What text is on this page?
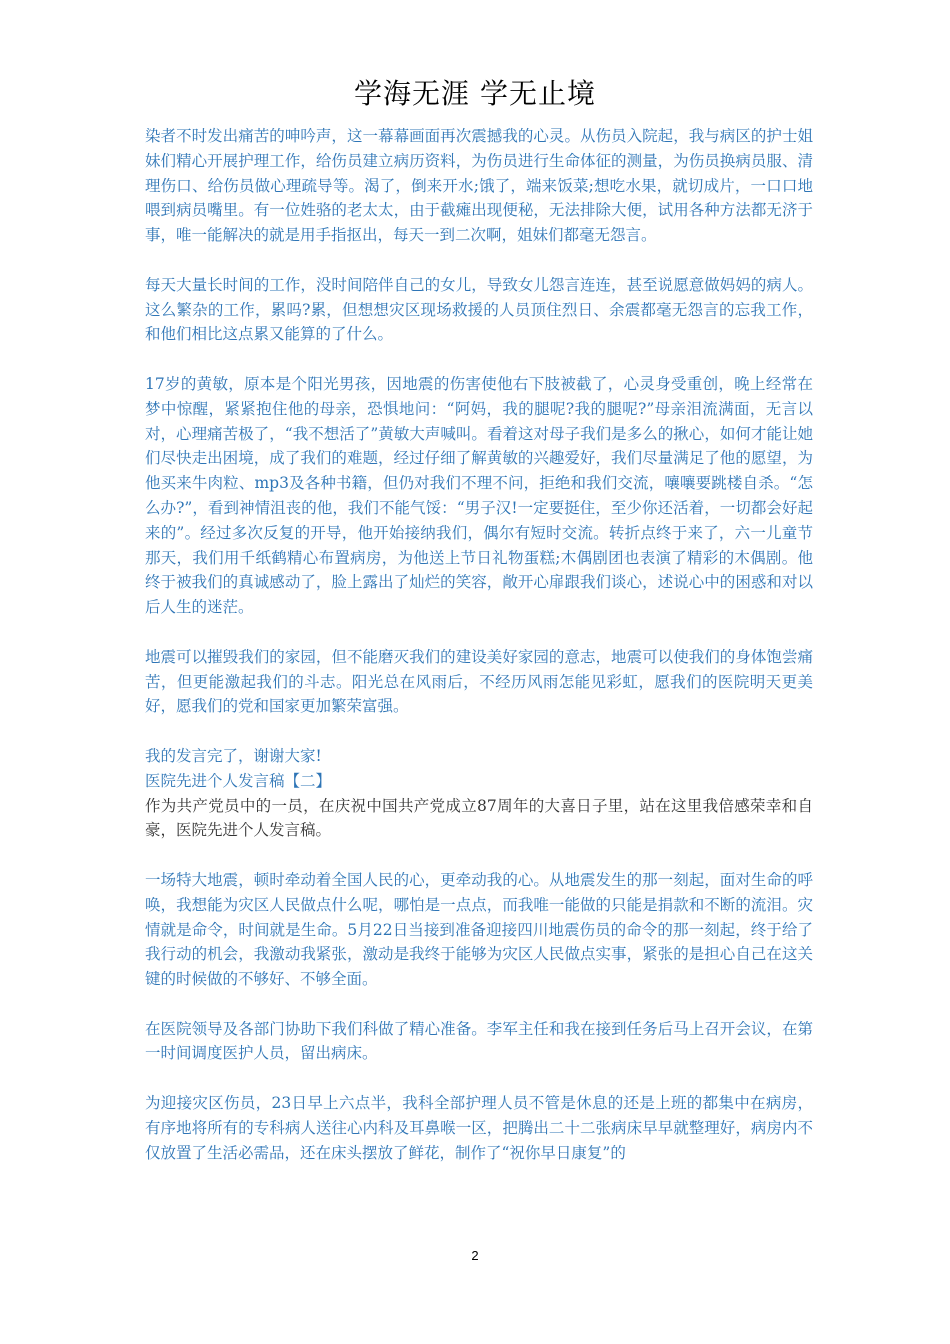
学海无涯 学无止境

染者不时发出痛苦的呻吟声，这一幕幕画面再次震撼我的心灵。从伤员入院起，我与病区的护士姐妹们精心开展护理工作，给伤员建立病历资料，为伤员进行生命体征的测量，为伤员换病员服、清理伤口、给伤员做心理疏导等。渴了，倒来开水;饿了，端来饭菜;想吃水果，就切成片，一口口地喂到病员嘴里。有一位姓骆的老太太，由于截瘫出现便秘，无法排除大便，试用各种方法都无济于事，唯一能解决的就是用手指抠出，每天一到二次啊，姐妹们都毫无怨言。

每天大量长时间的工作，没时间陪伴自己的女儿，导致女儿怨言连连，甚至说愿意做妈妈的病人。这么繁杂的工作，累吗?累，但想想灾区现场救援的人员顶住烈日、余震都毫无怨言的忘我工作，和他们相比这点累又能算的了什么。

17岁的黄敏，原本是个阳光男孩，因地震的伤害使他右下肢被截了，心灵身受重创，晚上经常在梦中惊醒，紧紧抱住他的母亲，恐惧地问：“阿妈，我的腿呢?我的腿呢?”母亲泪流满面，无言以对，心理痛苦极了，“我不想活了”黄敏大声喊叫。看着这对母子我们是多么的揪心，如何才能让她们尽快走出困境，成了我们的难题，经过仔细了解黄敏的兴趣爱好，我们尽量满足了他的愿望，为他买来牛肉粒、mp3及各种书籍，但仍对我们不理不问，拒绝和我们交流，嚷嚷要跳楼自杀。“怎么办?”，看到神情沮丧的他，我们不能气馁：“男子汉!一定要挺住，至少你还活着，一切都会好起来的”。经过多次反复的开导，他开始接纳我们，偶尔有短时交流。转折点终于来了，六一儿童节那天，我们用千纸鹤精心布置病房，为他送上节日礼物蛋糕;木偶剧团也表演了精彩的木偶剧。他终于被我们的真诚感动了，脸上露出了灿烂的笑容，敞开心扉跟我们谈心，述说心中的困惑和对以后人生的迷茫。

地震可以摧毁我们的家园，但不能磨灭我们的建设美好家园的意志，地震可以使我们的身体饱尝痛苦，但更能激起我们的斗志。阳光总在风雨后，不经历风雨怎能见彩虹，愿我们的医院明天更美好，愿我们的党和国家更加繁荣富强。

我的发言完了，谢谢大家!

医院先进个人发言稿【二】

作为共产党员中的一员，在庆祝中国共产党成立87周年的大喜日子里，站在这里我倍感荣幸和自豪，医院先进个人发言稿。

一场特大地震，顿时牵动着全国人民的心，更牵动我的心。从地震发生的那一刻起，面对生命的呼唤，我想能为灾区人民做点什么呢，哪怕是一点点，而我唯一能做的只能是捐款和不断的流泪。灾情就是命令，时间就是生命。5月22日当接到准备迎接四川地震伤员的命令的那一刻起，终于给了我行动的机会，我激动我紧张，激动是我终于能够为灾区人民做点实事，紧张的是担心自己在这关键的时候做的不够好、不够全面。

在医院领导及各部门协助下我们科做了精心准备。李军主任和我在接到任务后马上召开会议，在第一时间调度医护人员，留出病床。

为迎接灾区伤员，23日早上六点半，我科全部护理人员不管是休息的还是上班的都集中在病房，有序地将所有的专科病人送往心内科及耳鼻喉一区，把腾出二十二张病床早早就整理好，病房内不仅放置了生活必需品，还在床头摆放了鲜花，制作了“祝你早日康复”的

2
